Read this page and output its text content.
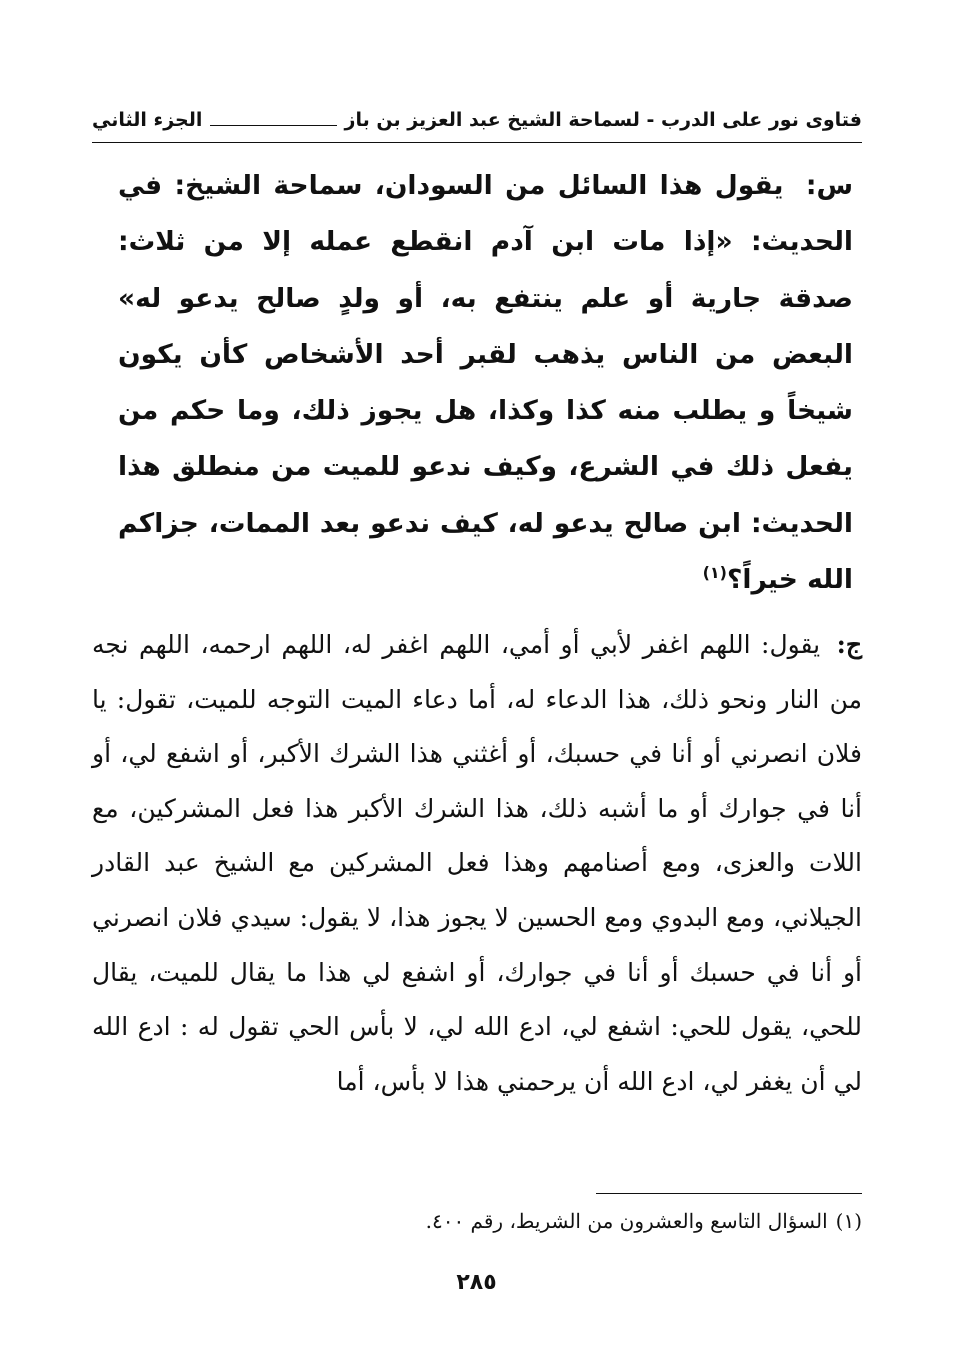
فتاوى نور على الدرب - لسماحة الشيخ عبد العزيز بن باز
الجزء الثاني
س: يقول هذا السائل من السودان، سماحة الشيخ: في الحديث: «إذا مات ابن آدم انقطع عمله إلا من ثلاث: صدقة جارية أو علم ينتفع به، أو ولدٍ صالح يدعو له» البعض من الناس يذهب لقبر أحد الأشخاص كأن يكون شيخاً و يطلب منه كذا وكذا، هل يجوز ذلك، وما حكم من يفعل ذلك في الشرع، وكيف ندعو للميت من منطلق هذا الحديث: ابن صالح يدعو له، كيف ندعو بعد الممات، جزاكم الله خيراً؟$^{(١)}$
ج: يقول: اللهم اغفر لأبي أو أمي، اللهم اغفر له، اللهم ارحمه، اللهم نجه من النار ونحو ذلك، هذا الدعاء له، أما دعاء الميت التوجه للميت، تقول: يا فلان انصرني أو أنا في حسبك، أو أغثني هذا الشرك الأكبر، أو اشفع لي، أو أنا في جوارك أو ما أشبه ذلك، هذا الشرك الأكبر هذا فعل المشركين، مع اللات والعزى، ومع أصنامهم وهذا فعل المشركين مع الشيخ عبد القادر الجيلاني، ومع البدوي ومع الحسين لا يجوز هذا، لا يقول: سيدي فلان انصرني أو أنا في حسبك أو أنا في جوارك، أو اشفع لي هذا ما يقال للميت، يقال للحي، يقول للحي: اشفع لي، ادع الله لي، لا بأس الحي تقول له : ادع الله لي أن يغفر لي، ادع الله أن يرحمني هذا لا بأس، أما
(١)السؤال التاسع والعشرون من الشريط، رقم ٤٠٠.
٢٨٥
